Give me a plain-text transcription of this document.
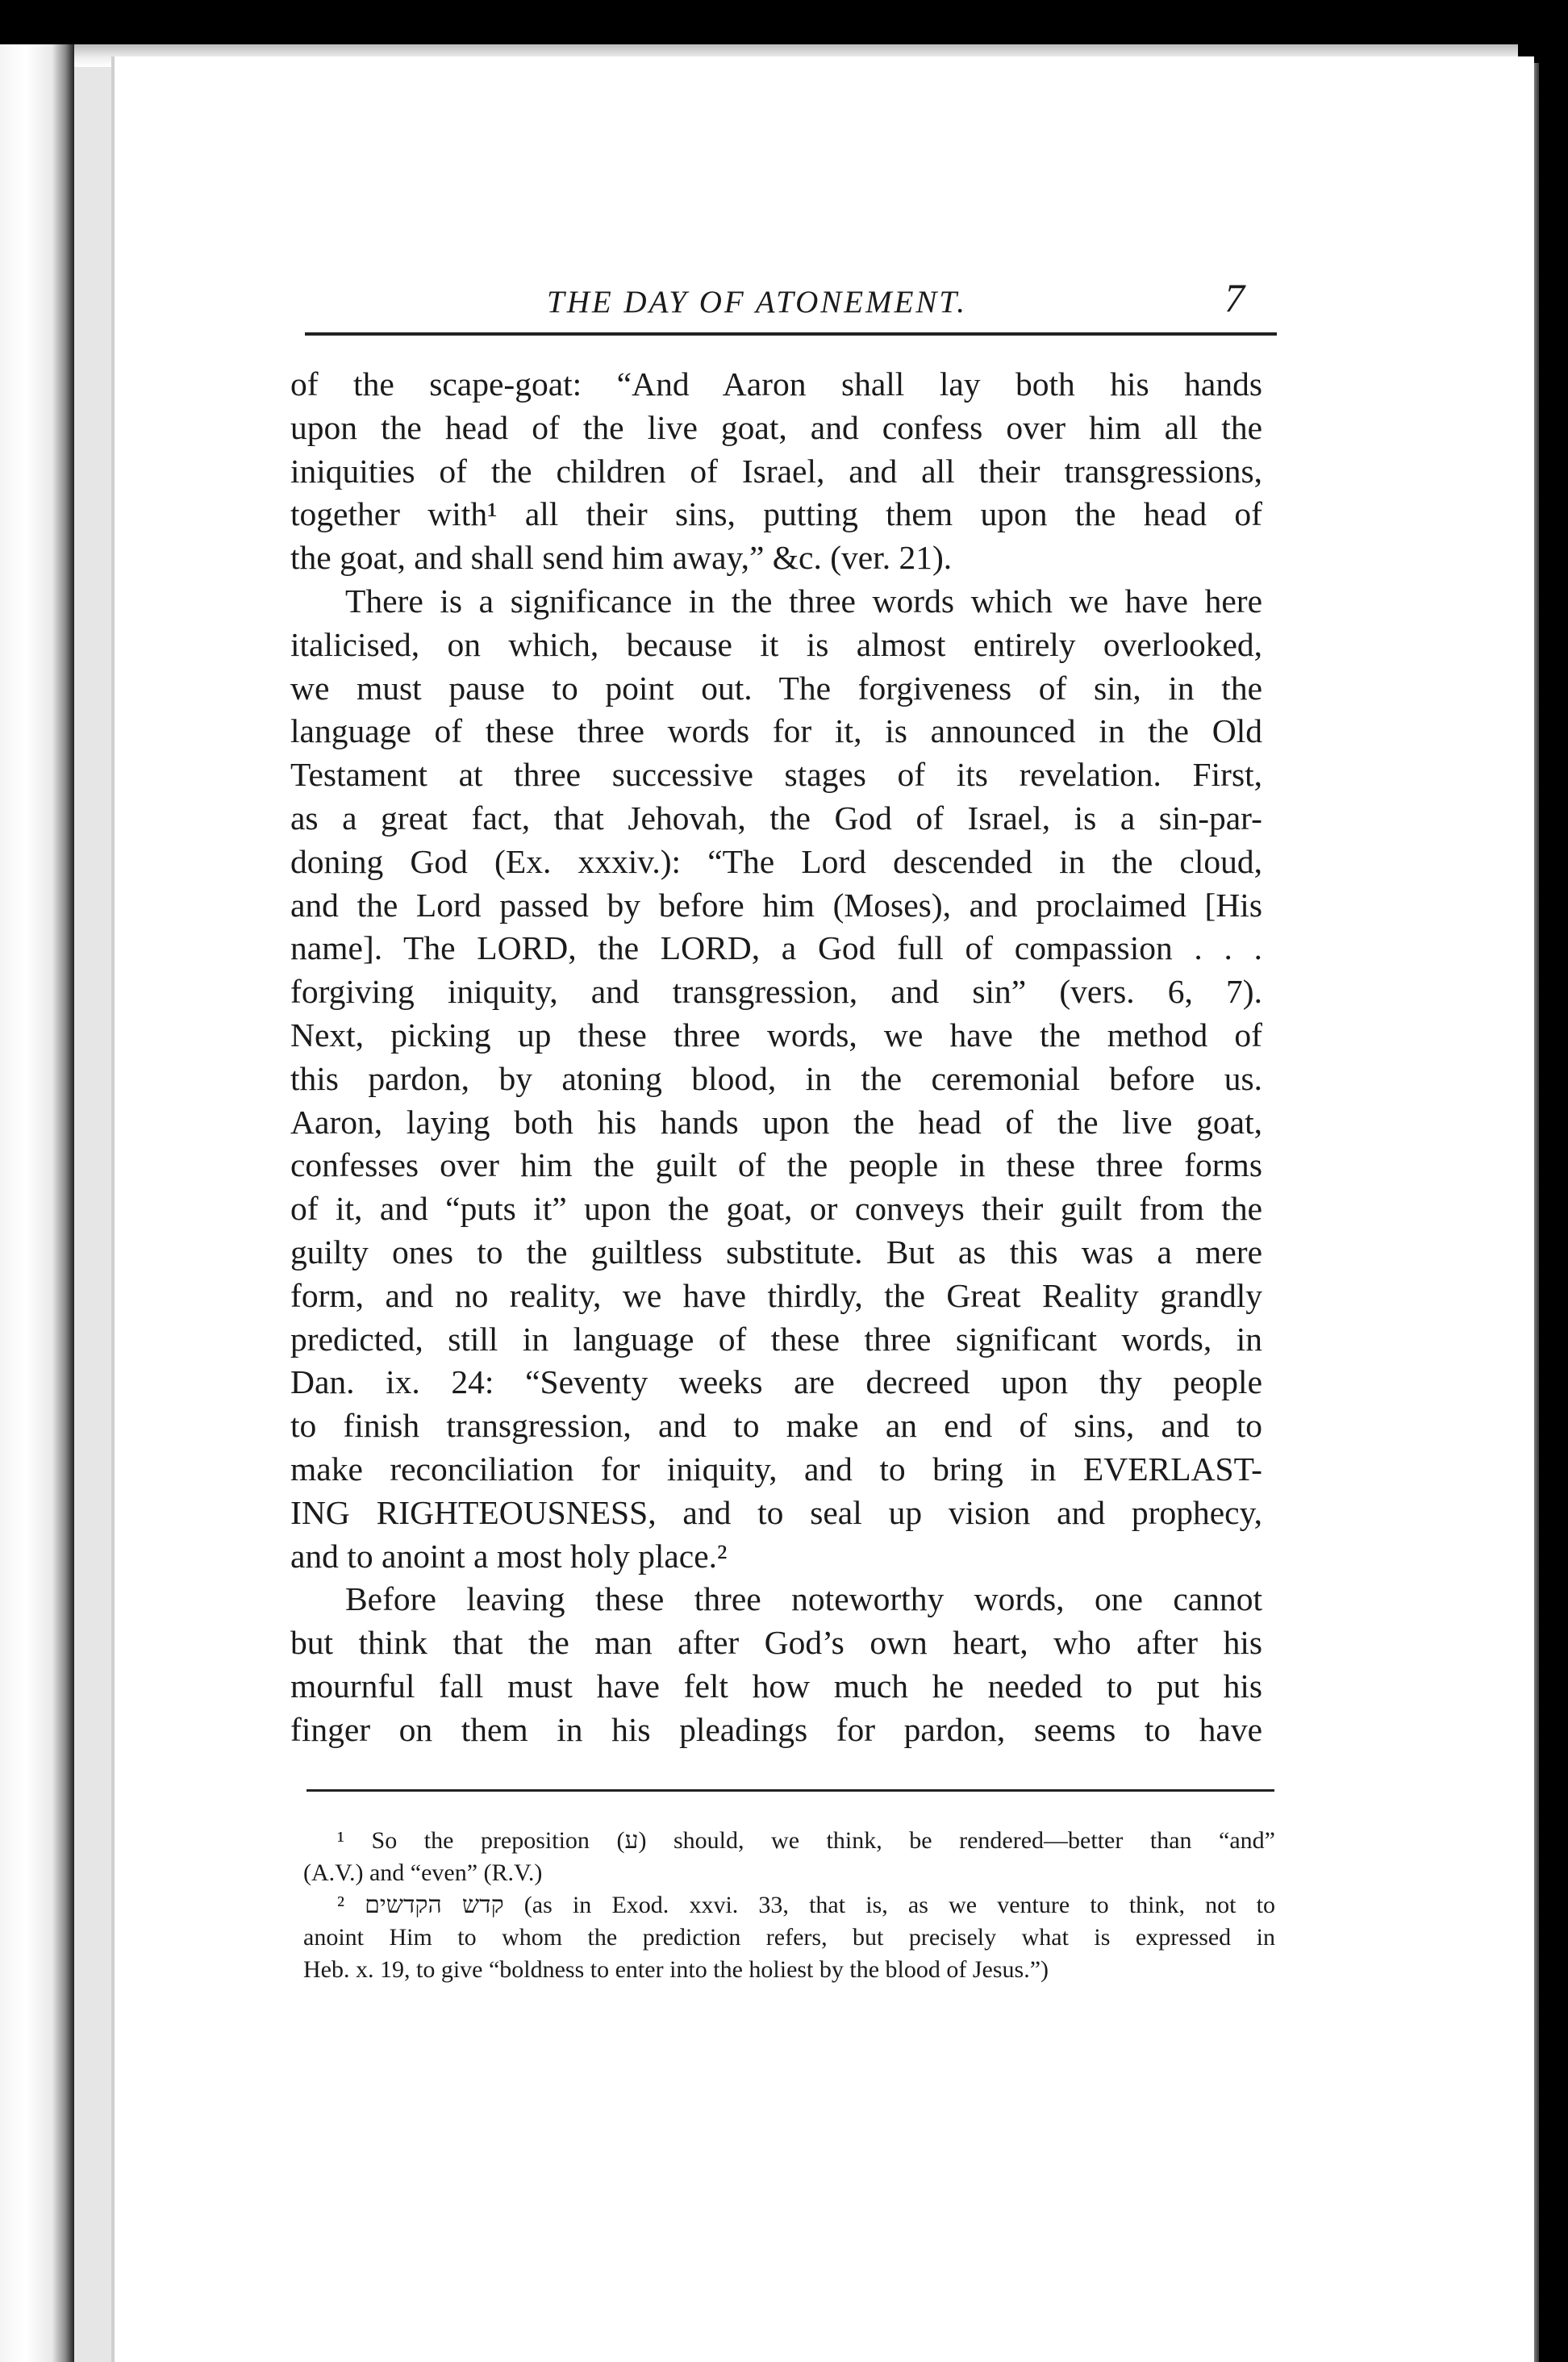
THE DAY OF ATONEMENT.	7
of the scape-goat: “And Aaron shall lay both his hands
upon the head of the live goat, and confess over him all the
iniquities of the children of Israel, and all their transgressions,
together with¹ all their sins, putting them upon the head of
the goat, and shall send him away,” &c. (ver. 21).
There is a significance in the three words which we have here
italicised, on which, because it is almost entirely overlooked,
we must pause to point out. The forgiveness of sin, in the
language of these three words for it, is announced in the Old
Testament at three successive stages of its revelation. First,
as a great fact, that Jehovah, the God of Israel, is a sin-par-
doning God (Ex. xxxiv.): “The Lord descended in the cloud,
and the Lord passed by before him (Moses), and proclaimed [His
name]. The LORD, the LORD, a God full of compassion . . .
forgiving iniquity, and transgression, and sin” (vers. 6, 7).
Next, picking up these three words, we have the method of
this pardon, by atoning blood, in the ceremonial before us.
Aaron, laying both his hands upon the head of the live goat,
confesses over him the guilt of the people in these three forms
of it, and “puts it” upon the goat, or conveys their guilt from the
guilty ones to the guiltless substitute. But as this was a mere
form, and no reality, we have thirdly, the Great Reality grandly
predicted, still in language of these three significant words, in
Dan. ix. 24: “Seventy weeks are decreed upon thy people
to finish transgression, and to make an end of sins, and to
make reconciliation for iniquity, and to bring in EVERLAST-
ING RIGHTEOUSNESS, and to seal up vision and prophecy,
and to anoint a most holy place.²
Before leaving these three noteworthy words, one cannot
but think that the man after God’s own heart, who after his
mournful fall must have felt how much he needed to put his
finger on them in his pleadings for pardon, seems to have
¹ So the preposition (ע) should, we think, be rendered—better than “and”
(A.V.) and “even” (R.V.)
² קדש הקדשים (as in Exod. xxvi. 33, that is, as we venture to think, not to
anoint Him to whom the prediction refers, but precisely what is expressed in
Heb. x. 19, to give “boldness to enter into the holiest by the blood of Jesus.”)
